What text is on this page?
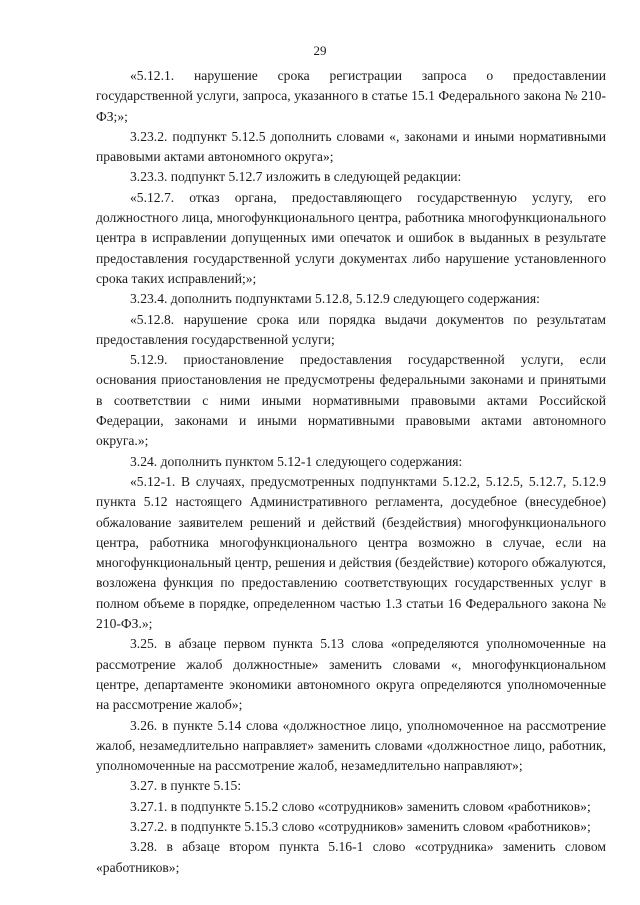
29

«5.12.1. нарушение срока регистрации запроса о предоставлении государственной услуги, запроса, указанного в статье 15.1 Федерального закона № 210-ФЗ;»;

3.23.2. подпункт 5.12.5 дополнить словами «, законами и иными нормативными правовыми актами автономного округа»;

3.23.3. подпункт 5.12.7 изложить в следующей редакции:

«5.12.7. отказ органа, предоставляющего государственную услугу, его должностного лица, многофункционального центра, работника многофункционального центра в исправлении допущенных ими опечаток и ошибок в выданных в результате предоставления государственной услуги документах либо нарушение установленного срока таких исправлений;»;

3.23.4. дополнить подпунктами 5.12.8, 5.12.9 следующего содержания:

«5.12.8. нарушение срока или порядка выдачи документов по результатам предоставления государственной услуги;

5.12.9. приостановление предоставления государственной услуги, если основания приостановления не предусмотрены федеральными законами и принятыми в соответствии с ними иными нормативными правовыми актами Российской Федерации, законами и иными нормативными правовыми актами автономного округа.»;

3.24. дополнить пунктом 5.12-1 следующего содержания:

«5.12-1. В случаях, предусмотренных подпунктами 5.12.2, 5.12.5, 5.12.7, 5.12.9 пункта 5.12 настоящего Административного регламента, досудебное (внесудебное) обжалование заявителем решений и действий (бездействия) многофункционального центра, работника многофункционального центра возможно в случае, если на многофункциональный центр, решения и действия (бездействие) которого обжалуются, возложена функция по предоставлению соответствующих государственных услуг в полном объеме в порядке, определенном частью 1.3 статьи 16 Федерального закона № 210-ФЗ.»;

3.25. в абзаце первом пункта 5.13 слова «определяются уполномоченные на рассмотрение жалоб должностные» заменить словами «, многофункциональном центре, департаменте экономики автономного округа определяются уполномоченные на рассмотрение жалоб»;

3.26. в пункте 5.14 слова «должностное лицо, уполномоченное на рассмотрение жалоб, незамедлительно направляет» заменить словами «должностное лицо, работник, уполномоченные на рассмотрение жалоб, незамедлительно направляют»;

3.27. в пункте 5.15:

3.27.1. в подпункте 5.15.2 слово «сотрудников» заменить словом «работников»;

3.27.2. в подпункте 5.15.3 слово «сотрудников» заменить словом «работников»;

3.28. в абзаце втором пункта 5.16-1 слово «сотрудника» заменить словом «работников»;
